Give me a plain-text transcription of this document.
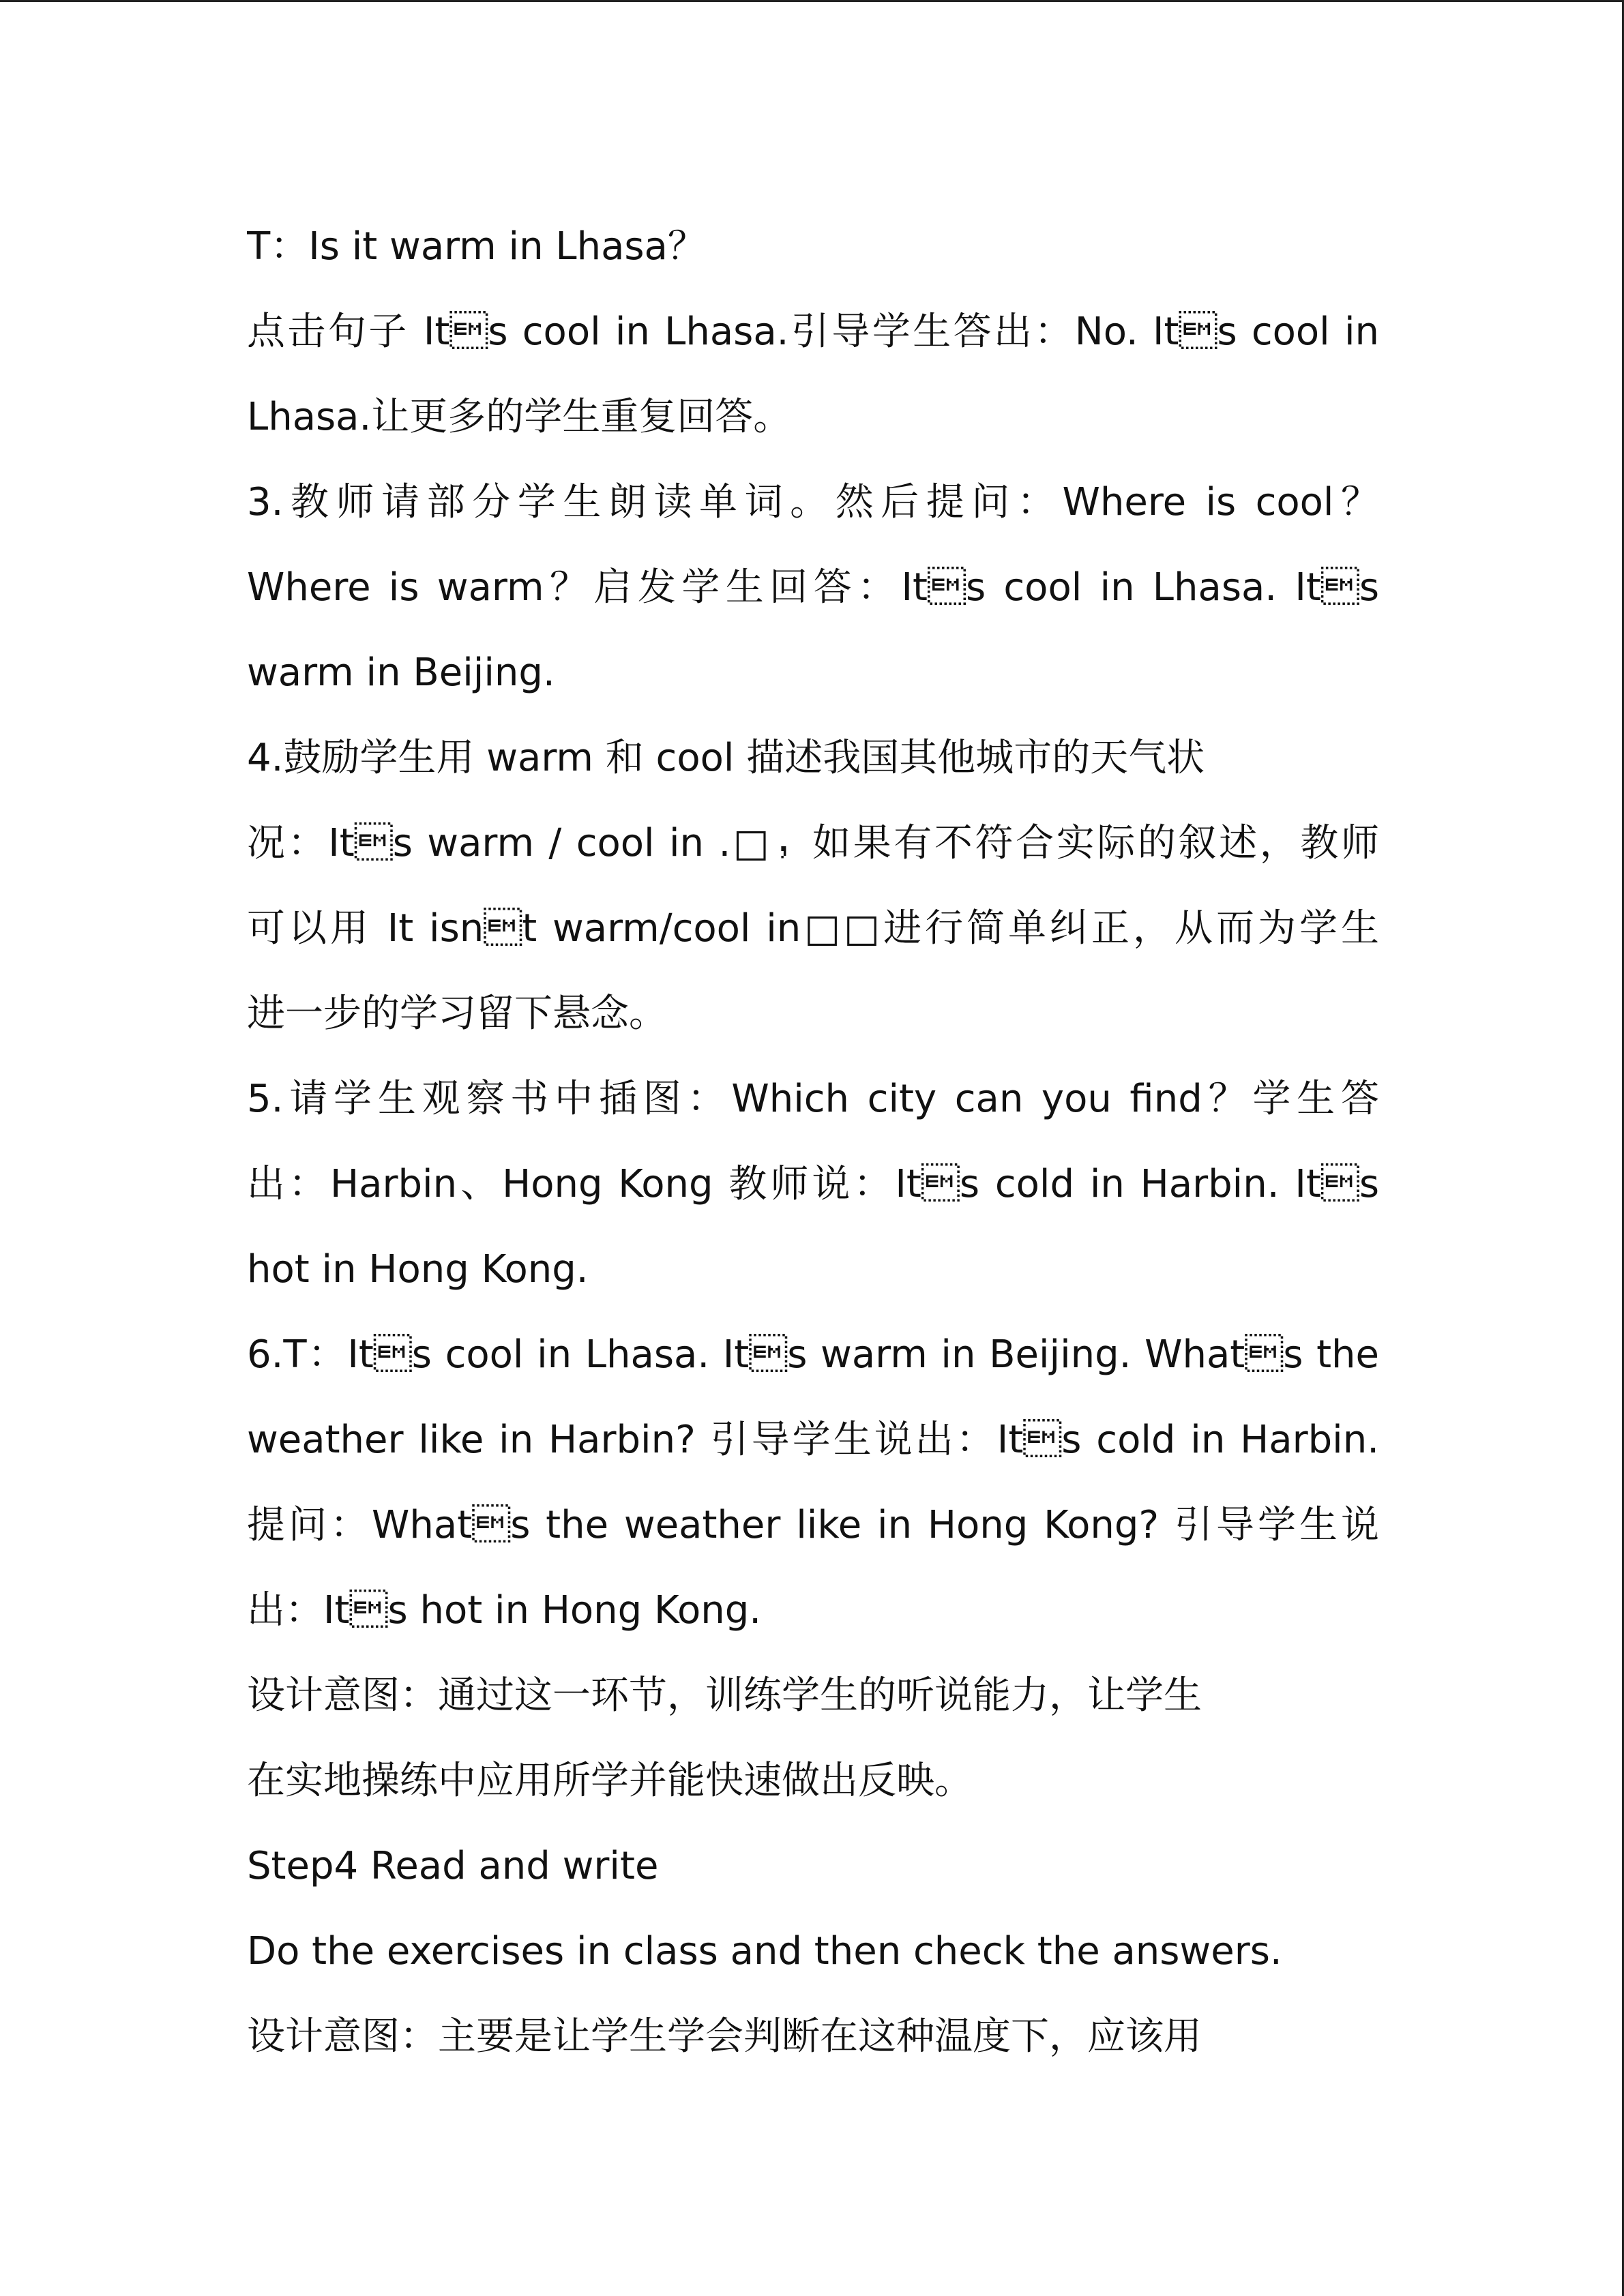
T：Is it warm in Lhasa？
点击句子 Its cool in Lhasa.引导学生答出：No. Its cool in
Lhasa.让更多的学生重复回答。
3.教师请部分学生朗读单词。然后提问：Where is cool？
Where is warm？启发学生回答：Its cool in Lhasa. Its
warm in Beijing.
4.鼓励学生用 warm 和 cool 描述我国其他城市的天气状
况：Its warm / cool in .□，如果有不符合实际的叙述，教师
可以用 It isnt warm/cool in□□进行简单纠正，从而为学生
进一步的学习留下悬念。
5.请学生观察书中插图：Which city can you find？学生答
出：Harbin、Hong Kong 教师说：Its cold in Harbin. Its
hot in Hong Kong.
6.T：Its cool in Lhasa. Its warm in Beijing. Whats the
weather like in Harbin? 引导学生说出：Its cold in Harbin.
提问：Whats the weather like in Hong Kong? 引导学生说
出：Its hot in Hong Kong.
设计意图：通过这一环节，训练学生的听说能力，让学生
在实地操练中应用所学并能快速做出反映。
Step4 Read and write
Do the exercises in class and then check the answers.
设计意图：主要是让学生学会判断在这种温度下，应该用
